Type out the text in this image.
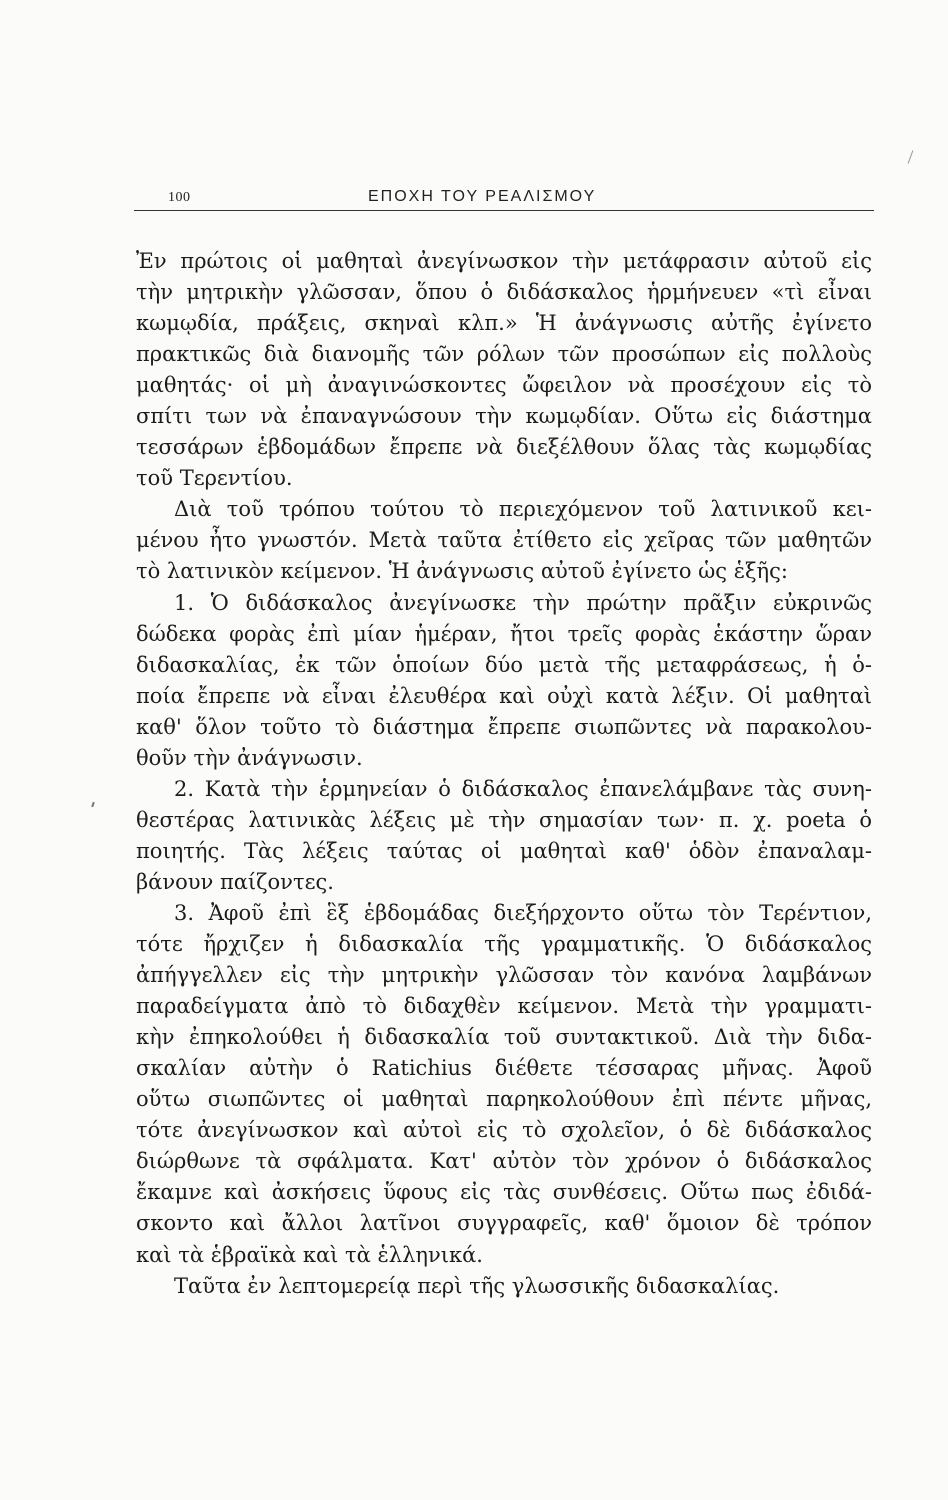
100	ΕΠΟΧΗ ΤΟΥ ΡΕΑΛΙΣΜΟΥ
Ἐν πρώτοις οἱ μαθηταὶ ἀνεγίνωσκον τὴν μετάφρασιν αὐτοῦ εἰς
τὴν μητρικὴν γλῶσσαν, ὅπου ὁ διδάσκαλος ἡρμήνευεν «τὶ εἶναι
κωμῳδία, πράξεις, σκηναὶ κλπ.» Ἡ ἀνάγνωσις αὐτῆς ἐγίνετο
πρακτικῶς διὰ διανομῆς τῶν ρόλων τῶν προσώπων εἰς πολλοὺς
μαθητάς· οἱ μὴ ἀναγινώσκοντες ὤφειλον νὰ προσέχουν εἰς τὸ
σπίτι των νὰ ἐπαναγνώσουν τὴν κωμῳδίαν. Οὕτω εἰς διάστημα
τεσσάρων ἑβδομάδων ἔπρεπε νὰ διεξέλθουν ὅλας τὰς κωμῳδίας
τοῦ Τερεντίου.
Διὰ τοῦ τρόπου τούτου τὸ περιεχόμενον τοῦ λατινικοῦ κει-
μένου ἦτο γνωστόν. Μετὰ ταῦτα ἐτίθετο εἰς χεῖρας τῶν μαθητῶν
τὸ λατινικὸν κείμενον. Ἡ ἀνάγνωσις αὐτοῦ ἐγίνετο ὡς ἑξῆς:
1. Ὁ διδάσκαλος ἀνεγίνωσκε τὴν πρώτην πρᾶξιν εὐκρινῶς
δώδεκα φορὰς ἐπὶ μίαν ἡμέραν, ἤτοι τρεῖς φορὰς ἑκάστην ὥραν
διδασκαλίας, ἐκ τῶν ὁποίων δύο μετὰ τῆς μεταφράσεως, ἡ ὁ-
ποία ἔπρεπε νὰ εἶναι ἐλευθέρα καὶ οὐχὶ κατὰ λέξιν. Οἱ μαθηταὶ
καθ' ὅλον τοῦτο τὸ διάστημα ἔπρεπε σιωπῶντες νὰ παρακολου-
θοῦν τὴν ἀνάγνωσιν.
2. Κατὰ τὴν ἑρμηνείαν ὁ διδάσκαλος ἐπανελάμβανε τὰς συνη-
θεστέρας λατινικὰς λέξεις μὲ τὴν σημασίαν των· π. χ. poeta ὁ
ποιητής. Τὰς λέξεις ταύτας οἱ μαθηταὶ καθ' ὁδὸν ἐπαναλαμ-
βάνουν παίζοντες.
3. Ἀφοῦ ἐπὶ ἓξ ἑβδομάδας διεξήρχοντο οὕτω τὸν Τερέντιον,
τότε ἤρχιζεν ἡ διδασκαλία τῆς γραμματικῆς. Ὁ διδάσκαλος
ἀπήγγελλεν εἰς τὴν μητρικὴν γλῶσσαν τὸν κανόνα λαμβάνων
παραδείγματα ἀπὸ τὸ διδαχθὲν κείμενον. Μετὰ τὴν γραμματι-
κὴν ἐπηκολούθει ἡ διδασκαλία τοῦ συντακτικοῦ. Διὰ τὴν διδα-
σκαλίαν αὐτὴν ὁ Ratichius διέθετε τέσσαρας μῆνας. Ἀφοῦ
οὕτω σιωπῶντες οἱ μαθηταὶ παρηκολούθουν ἐπὶ πέντε μῆνας,
τότε ἀνεγίνωσκον καὶ αὐτοὶ εἰς τὸ σχολεῖον, ὁ δὲ διδάσκαλος
διώρθωνε τὰ σφάλματα. Κατ' αὐτὸν τὸν χρόνον ὁ διδάσκαλος
ἔκαμνε καὶ ἀσκήσεις ὕφους εἰς τὰς συνθέσεις. Οὕτω πως ἐδιδά-
σκοντο καὶ ἄλλοι λατῖνοι συγγραφεῖς, καθ' ὅμοιον δὲ τρόπον
καὶ τὰ ἑβραϊκὰ καὶ τὰ ἑλληνικά.
Ταῦτα ἐν λεπτομερείᾳ περὶ τῆς γλωσσικῆς διδασκαλίας.
